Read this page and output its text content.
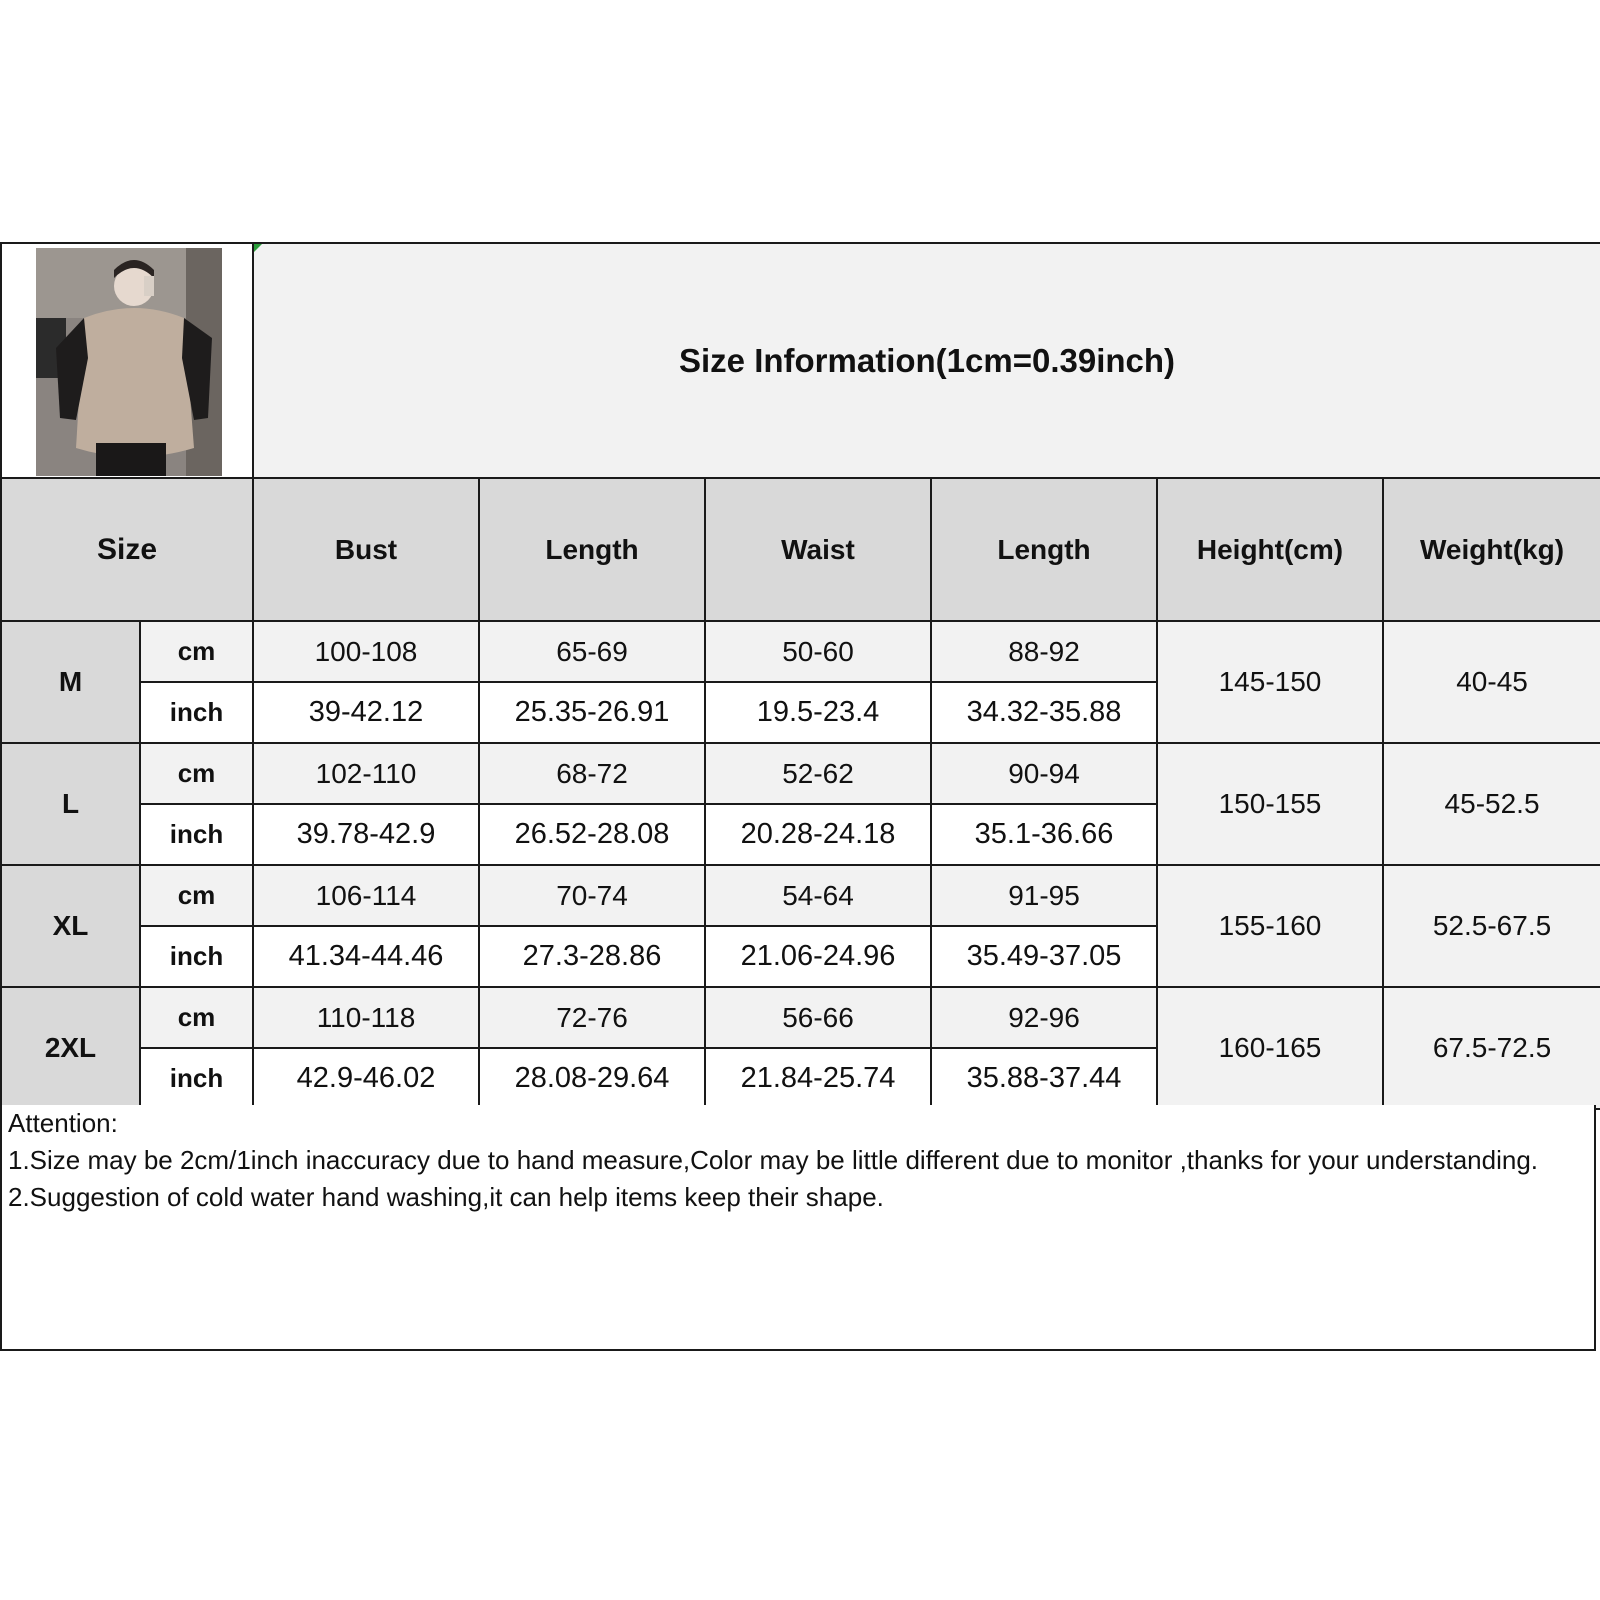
Size Information(1cm=0.39inch)					
Size		Bust	Length	Waist	Length	Height(cm)	Weight(kg)
M	cm	100-108	65-69	50-60	88-92	145-150	40-45
	inch	39-42.12	25.35-26.91	19.5-23.4	34.32-35.88		
L	cm	102-110	68-72	52-62	90-94	150-155	45-52.5
	inch	39.78-42.9	26.52-28.08	20.28-24.18	35.1-36.66		
XL	cm	106-114	70-74	54-64	91-95	155-160	52.5-67.5
	inch	41.34-44.46	27.3-28.86	21.06-24.96	35.49-37.05		
2XL	cm	110-118	72-76	56-66	92-96	160-165	67.5-72.5
	inch	42.9-46.02	28.08-29.64	21.84-25.74	35.88-37.44		
Attention:
1.Size may be 2cm/1inch inaccuracy due to hand measure,Color may be little different due to monitor ,thanks for your understanding.
2.Suggestion of cold water hand washing,it can help items keep their shape.
